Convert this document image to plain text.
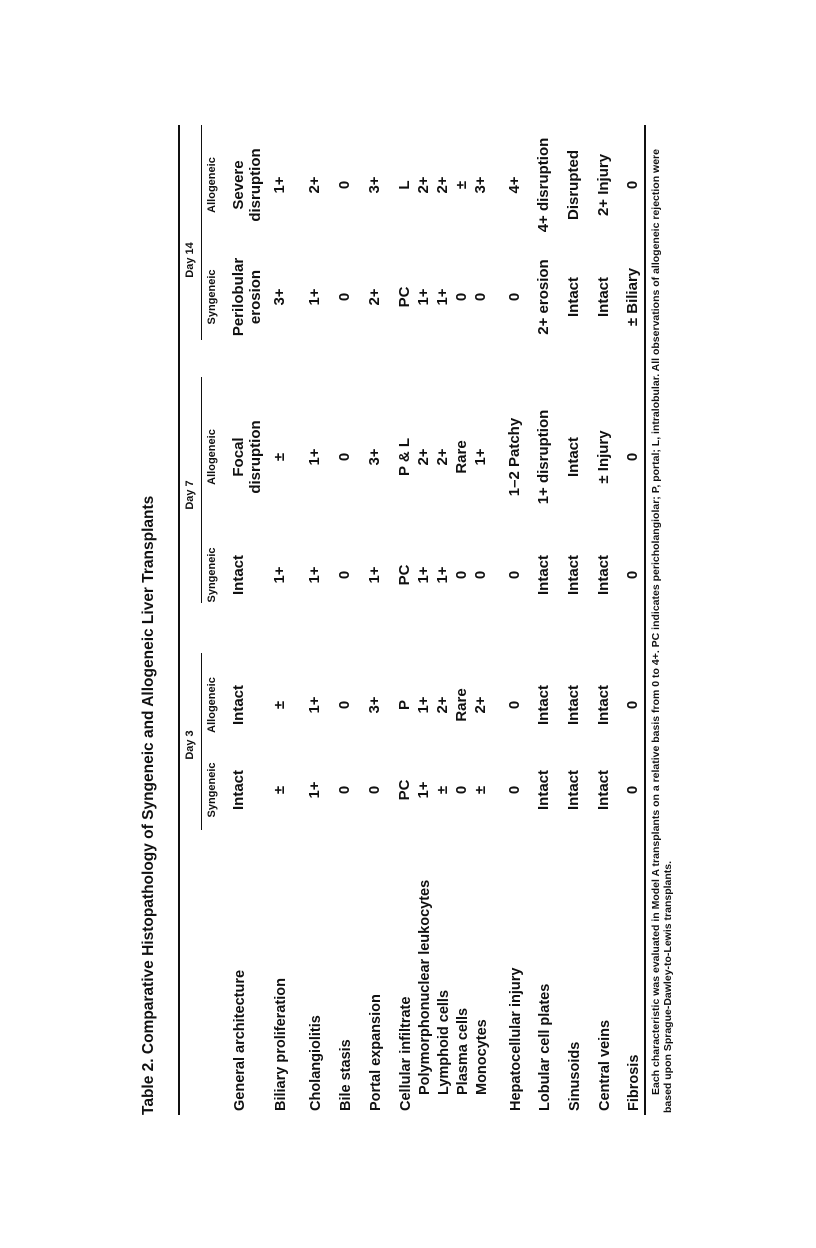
Table 2. Comparative Histopathology of Syngeneic and Allogeneic Liver Transplants Day 3
Day 7
Day 14
Syngeneic
Allogeneic
Syngeneic
Allogeneic
Syngeneic
Allogeneic
General architecture
Intact
Intact
Intact
Focal
disruption
Perilobular
erosion
Severe
disruption
Biliary proliferation
±
±
1+
±
3+
1+
Cholangiolitis
1+
1+
1+
1+
1+
2+
Bile stasis
0
0
0
0
0
0
Portal expansion
0
3+
1+
3+
2+
3+
Cellular infiltrate
PC
P
PC
P & L
PC
L
Polymorphonuclear leukocytes
1+
1+
1+
2+
1+
2+
Lymphoid cells
±
2+
1+
2+
1+
2+
Plasma cells
0
Rare
0
Rare
0
±
Monocytes
±
2+
0
1+
0
3+
Hepatocellular injury
0
0
0
1–2 Patchy
0
4+
Lobular cell plates
Intact
Intact
Intact
1+ disruption
2+ erosion
4+ disruption
Sinusoids
Intact
Intact
Intact
Intact
Intact
Disrupted
Central veins
Intact
Intact
Intact
± Injury
Intact
2+ Injury
Fibrosis
0
0
0
0
± Biliary
0 Each characteristic was evaluated in Model A transplants on a relative basis from 0 to 4+. PC indicates pericholangiolar; P, portal; L, intralobular. All observations of allogeneic rejection were based upon Sprague-Dawley-to-Lewis transplants.
